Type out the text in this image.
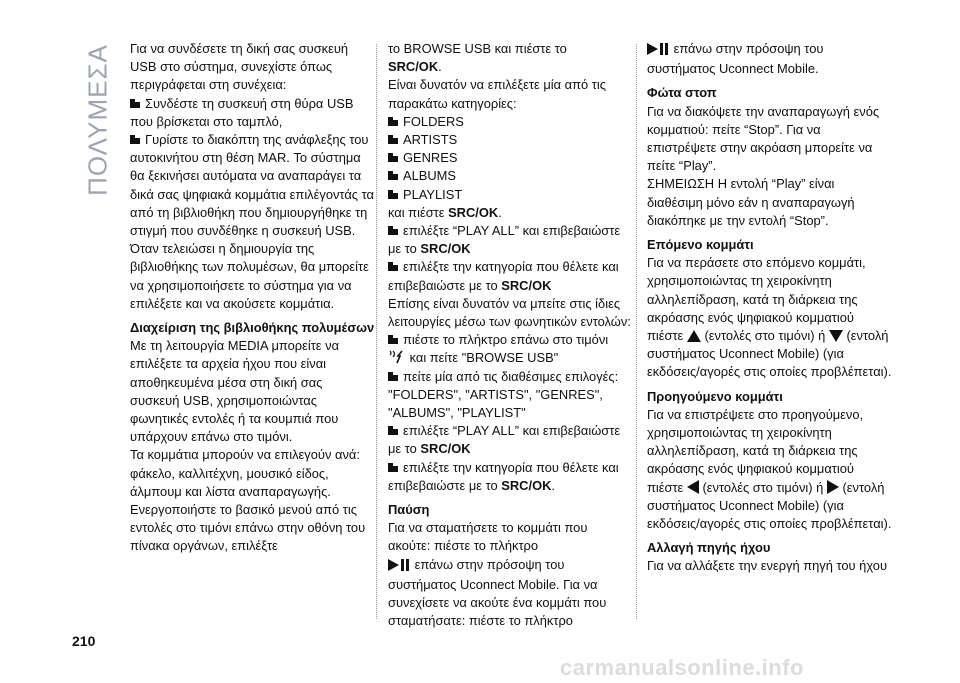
ΠΟΛΥΜΕΣΑ Για να συνδέσετε τη δική σας συσκευή USB στο σύστημα, συνεχίστε όπως περιγράφεται στη συνέχεια:

Συνδέστε τη συσκευή στη θύρα USB που βρίσκεται στο ταμπλό,

Γυρίστε το διακόπτη της ανάφλεξης του αυτοκινήτου στη θέση MAR. Το σύστημα θα ξεκινήσει αυτόματα να αναπαράγει τα δικά σας ψηφιακά κομμάτια επιλέγοντάς τα από τη βιβλιοθήκη που δημιουργήθηκε τη στιγμή που συνδέθηκε η συσκευή USB.

Όταν τελειώσει η δημιουργία της βιβλιοθήκης των πολυμέσων, θα μπορείτε να χρησιμοποιήσετε το σύστημα για να επιλέξετε και να ακούσετε κομμάτια.

Διαχείριση της βιβλιοθήκης πολυμέσων

Με τη λειτουργία MEDIA μπορείτε να επιλέξετε τα αρχεία ήχου που είναι αποθηκευμένα μέσα στη δική σας συσκευή USB, χρησιμοποιώντας φωνητικές εντολές ή τα κουμπιά που υπάρχουν επάνω στο τιμόνι.

Τα κομμάτια μπορούν να επιλεγούν ανά: φάκελο, καλλιτέχνη, μουσικό είδος, άλμπουμ και λίστα αναπαραγωγής.

Ενεργοποιήστε το βασικό μενού από τις εντολές στο τιμόνι επάνω στην οθόνη του πίνακα οργάνων, επιλέξτε

το BROWSE USB και πιέστε το
SRC/OK.

Είναι δυνατόν να επιλέξετε μία από τις παρακάτω κατηγορίες:

FOLDERS

ARTISTS

GENRES

ALBUMS

PLAYLIST

και πιέστε SRC/OK.

επιλέξτε “PLAY ALL” και επιβεβαιώστε με το SRC/OK

επιλέξτε την κατηγορία που θέλετε και επιβεβαιώστε με το SRC/OK

Επίσης είναι δυνατόν να μπείτε στις ίδιες λειτουργίες μέσω των φωνητικών εντολών:

πιέστε το πλήκτρο επάνω στο τιμόνι
και πείτε "BROWSE USB"

πείτε μία από τις διαθέσιμες επιλογές: "FOLDERS", "ARTISTS", "GENRES", "ALBUMS", "PLAYLIST"

επιλέξτε “PLAY ALL” και επιβεβαιώστε με το SRC/OK

επιλέξτε την κατηγορία που θέλετε και επιβεβαιώστε με το SRC/OK.

Παύση

Για να σταματήσετε το κομμάτι που ακούτε: πιέστε το πλήκτρο

επάνω στην πρόσοψη του συστήματος Uconnect Mobile. Για να συνεχίσετε να ακούτε ένα κομμάτι που σταματήσατε: πιέστε το πλήκτρο

επάνω στην πρόσοψη του συστήματος Uconnect Mobile.

Φώτα στοπ

Για να διακόψετε την αναπαραγωγή ενός κομματιού: πείτε “Stop”. Για να επιστρέψετε στην ακρόαση μπορείτε να πείτε “Play”.

ΣΗΜΕΙΩΣΗ Η εντολή “Play” είναι διαθέσιμη μόνο εάν η αναπαραγωγή διακόπηκε με την εντολή “Stop”.

Επόμενο κομμάτι

Για να περάσετε στο επόμενο κομμάτι, χρησιμοποιώντας τη χειροκίνητη αλληλεπίδραση, κατά τη διάρκεια της ακρόασης ενός ψηφιακού κομματιού πιέστε (εντολές στο τιμόνι) ή (εντολή συστήματος Uconnect Mobile) (για εκδόσεις/αγορές στις οποίες προβλέπεται).

Προηγούμενο κομμάτι

Για να επιστρέψετε στο προηγούμενο, χρησιμοποιώντας τη χειροκίνητη αλληλεπίδραση, κατά τη διάρκεια της ακρόασης ενός ψηφιακού κομματιού πιέστε (εντολές στο τιμόνι) ή (εντολή συστήματος Uconnect Mobile) (για εκδόσεις/αγορές στις οποίες προβλέπεται).

Αλλαγή πηγής ήχου

Για να αλλάξετε την ενεργή πηγή του ήχου

210
carmanualsonline.info
